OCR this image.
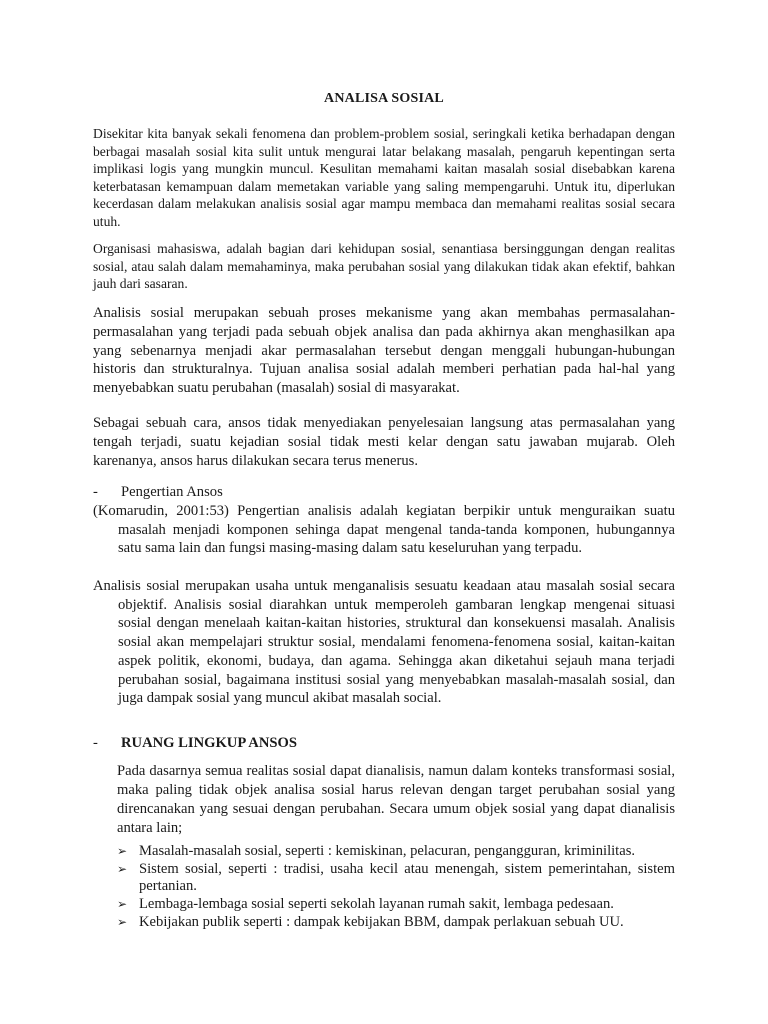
ANALISA SOSIAL

Disekitar kita banyak sekali fenomena dan problem-problem sosial, seringkali ketika berhadapan dengan berbagai masalah sosial kita sulit untuk mengurai latar belakang masalah, pengaruh kepentingan serta implikasi logis yang mungkin muncul. Kesulitan memahami kaitan masalah sosial disebabkan karena keterbatasan kemampuan dalam memetakan variable yang saling mempengaruhi. Untuk itu, diperlukan kecerdasan dalam melakukan analisis sosial agar mampu membaca dan memahami realitas sosial secara utuh.

Organisasi mahasiswa, adalah bagian dari kehidupan sosial, senantiasa bersinggungan dengan realitas sosial, atau salah dalam memahaminya, maka perubahan sosial yang dilakukan tidak akan efektif, bahkan jauh dari sasaran.

Analisis sosial merupakan sebuah proses mekanisme yang akan membahas permasalahan-permasalahan yang terjadi pada sebuah objek analisa dan pada akhirnya akan menghasilkan apa yang sebenarnya menjadi akar permasalahan tersebut dengan menggali hubungan-hubungan historis dan strukturalnya. Tujuan analisa sosial adalah memberi perhatian pada hal-hal yang menyebabkan suatu perubahan (masalah) sosial di masyarakat.

Sebagai sebuah cara, ansos tidak menyediakan penyelesaian langsung atas permasalahan yang tengah terjadi, suatu kejadian sosial tidak mesti kelar dengan satu jawaban mujarab. Oleh karenanya, ansos harus dilakukan secara terus menerus.

- Pengertian Ansos

(Komarudin, 2001:53) Pengertian analisis adalah kegiatan berpikir untuk menguraikan suatu masalah menjadi komponen sehinga dapat mengenal tanda-tanda komponen, hubungannya satu sama lain dan fungsi masing-masing dalam satu keseluruhan yang terpadu.

Analisis sosial merupakan usaha untuk menganalisis sesuatu keadaan atau masalah sosial secara objektif. Analisis sosial diarahkan untuk memperoleh gambaran lengkap mengenai situasi sosial dengan menelaah kaitan-kaitan histories, struktural dan konsekuensi masalah. Analisis sosial akan mempelajari struktur sosial, mendalami fenomena-fenomena sosial, kaitan-kaitan aspek politik, ekonomi, budaya, dan agama. Sehingga akan diketahui sejauh mana terjadi perubahan sosial, bagaimana institusi sosial yang menyebabkan masalah-masalah sosial, dan juga dampak sosial yang muncul akibat masalah social.

- RUANG LINGKUP ANSOS

Pada dasarnya semua realitas sosial dapat dianalisis, namun dalam konteks transformasi sosial, maka paling tidak objek analisa sosial harus relevan dengan target perubahan sosial yang direncanakan yang sesuai dengan perubahan. Secara umum objek sosial yang dapat dianalisis antara lain;

➢ Masalah-masalah sosial, seperti : kemiskinan, pelacuran, pengangguran, kriminilitas.
➢ Sistem sosial, seperti : tradisi, usaha kecil atau menengah, sistem pemerintahan, sistem pertanian.
➢ Lembaga-lembaga sosial seperti sekolah layanan rumah sakit, lembaga pedesaan.
➢ Kebijakan publik seperti : dampak kebijakan BBM, dampak perlakuan sebuah UU.
